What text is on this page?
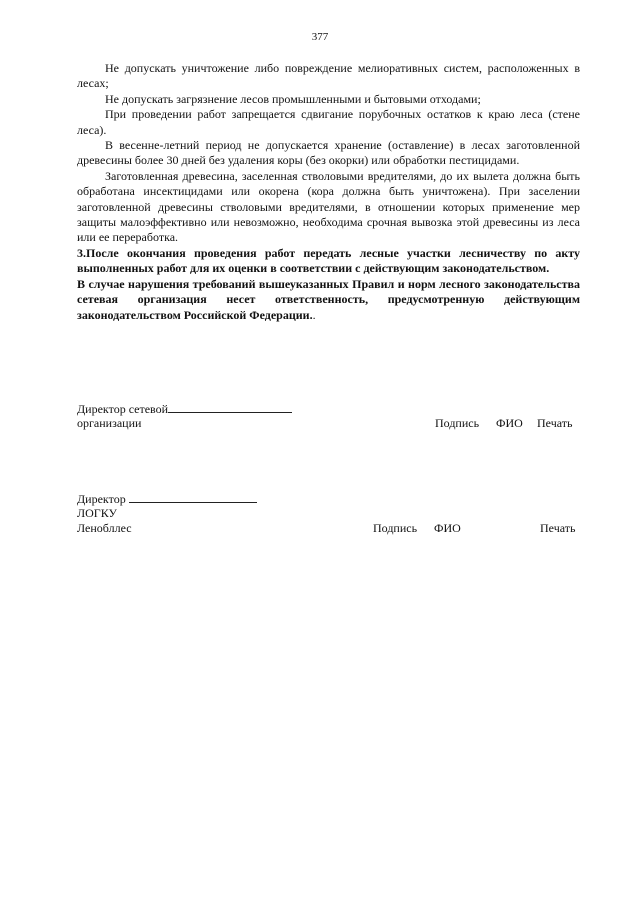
377

Не допускать уничтожение либо повреждение мелиоративных систем, расположенных в лесах;

Не допускать загрязнение лесов промышленными и бытовыми отходами;

При проведении работ запрещается сдвигание порубочных остатков к краю леса (стене леса).

В весенне-летний период не допускается хранение (оставление) в лесах заготовленной древесины более 30 дней без удаления коры (без окорки) или обработки пестицидами.

Заготовленная древесина, заселенная стволовыми вредителями, до их вылета должна быть обработана инсектицидами или окорена (кора должна быть уничтожена). При заселении заготовленной древесины стволовыми вредителями, в отношении которых применение мер защиты малоэффективно или невозможно, необходима срочная вывозка этой древесины из леса или ее переработка.

3.После окончания проведения работ передать лесные участки лесничеству по акту выполненных работ для их оценки в соответствии с действующим законодательством.

В случае нарушения требований вышеуказанных Правил и норм лесного законодательства сетевая организация несет ответственность, предусмотренную действующим законодательством Российской Федерации..

Директор сетевой
организации	Подпись ФИО Печать
Директор
ЛОГКУ
Ленобллес	Подпись ФИО	Печать
